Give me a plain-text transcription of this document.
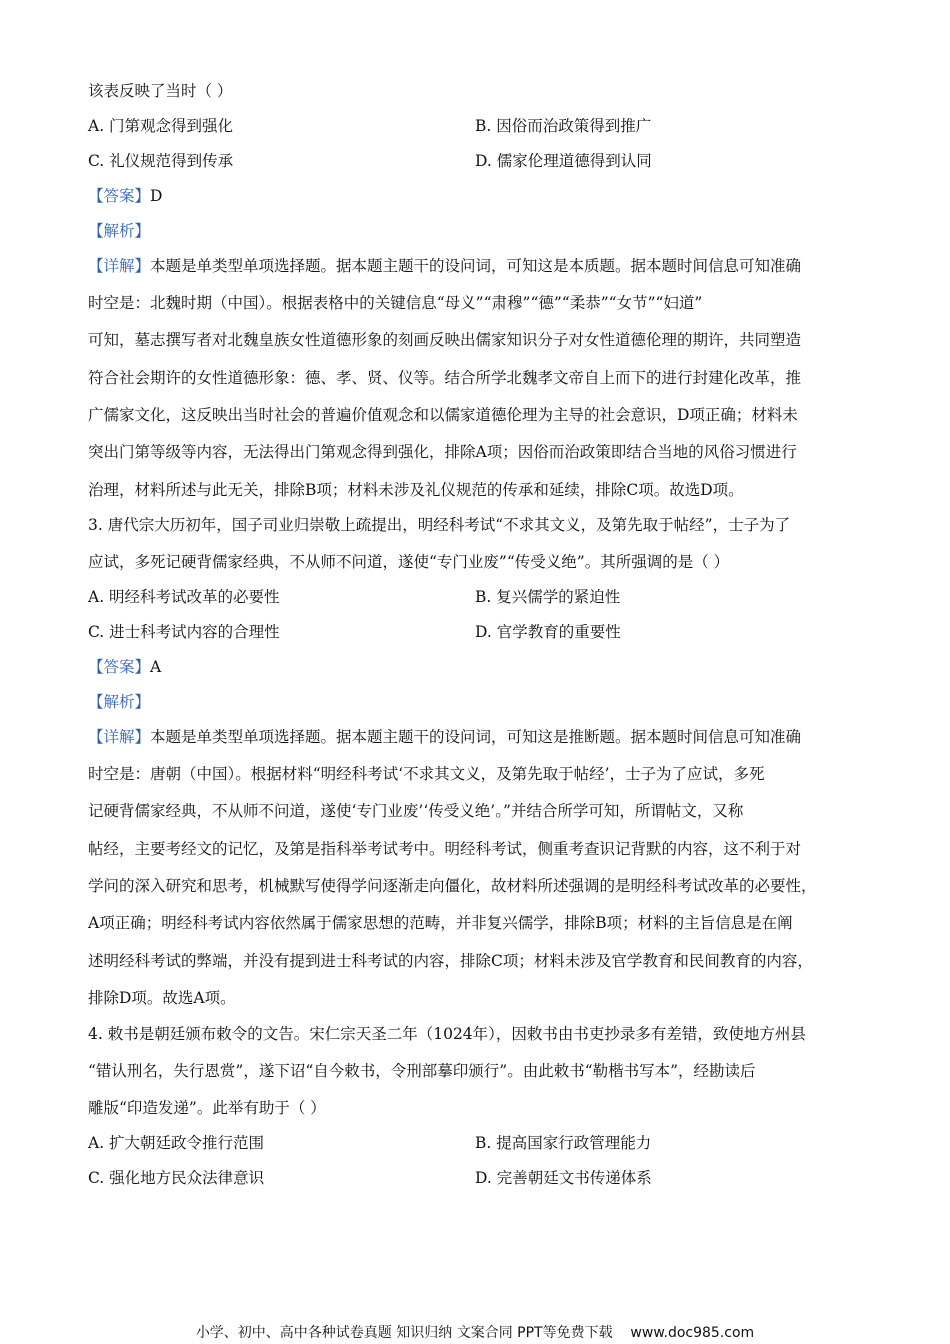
该表反映了当时（ ）
A. 门第观念得到强化	B. 因俗而治政策得到推广
C. 礼仪规范得到传承	D. 儒家伦理道德得到认同
【答案】D
【解析】
【详解】本题是单类型单项选择题。据本题主题干的设问词，可知这是本质题。据本题时间信息可知准确
时空是：北魏时期（中国）。根据表格中的关键信息“母义”“肃穆”“德”“柔恭”“女节”“妇道”
可知，墓志撰写者对北魏皇族女性道德形象的刻画反映出儒家知识分子对女性道德伦理的期许，共同塑造
符合社会期许的女性道德形象：德、孝、贤、仪等。结合所学北魏孝文帝自上而下的进行封建化改革，推
广儒家文化，这反映出当时社会的普遍价值观念和以儒家道德伦理为主导的社会意识，D项正确；材料未
突出门第等级等内容，无法得出门第观念得到强化，排除A项；因俗而治政策即结合当地的风俗习惯进行
治理，材料所述与此无关，排除B项；材料未涉及礼仪规范的传承和延续，排除C项。故选D项。
3. 唐代宗大历初年，国子司业归崇敬上疏提出，明经科考试“不求其文义，及第先取于帖经”，士子为了
应试，多死记硬背儒家经典，不从师不问道，遂使“专门业废”“传受义绝”。其所强调的是（ ）
A. 明经科考试改革的必要性	B. 复兴儒学的紧迫性
C. 进士科考试内容的合理性	D. 官学教育的重要性
【答案】A
【解析】
【详解】本题是单类型单项选择题。据本题主题干的设问词，可知这是推断题。据本题时间信息可知准确
时空是：唐朝（中国）。根据材料“明经科考试‘不求其文义，及第先取于帖经’，士子为了应试，多死
记硬背儒家经典，不从师不问道，遂使‘专门业废’‘传受义绝’。”并结合所学可知，所谓帖文，又称
帖经，主要考经文的记忆，及第是指科举考试考中。明经科考试，侧重考查识记背默的内容，这不利于对
学问的深入研究和思考，机械默写使得学问逐渐走向僵化，故材料所述强调的是明经科考试改革的必要性，
A项正确；明经科考试内容依然属于儒家思想的范畴，并非复兴儒学，排除B项；材料的主旨信息是在阐
述明经科考试的弊端，并没有提到进士科考试的内容，排除C项；材料未涉及官学教育和民间教育的内容，
排除D项。故选A项。
4. 敕书是朝廷颁布敕令的文告。宋仁宗天圣二年（1024年），因敕书由书吏抄录多有差错，致使地方州县
“错认刑名，失行恩赏”，遂下诏“自今敕书，令刑部摹印颁行”。由此敕书“勒楷书写本”，经勘读后
雕版“印造发递”。此举有助于（ ）
A. 扩大朝廷政令推行范围	B. 提高国家行政管理能力
C. 强化地方民众法律意识	D. 完善朝廷文书传递体系
小学、初中、高中各种试卷真题 知识归纳 文案合同 PPT等免费下载 www.doc985.com
